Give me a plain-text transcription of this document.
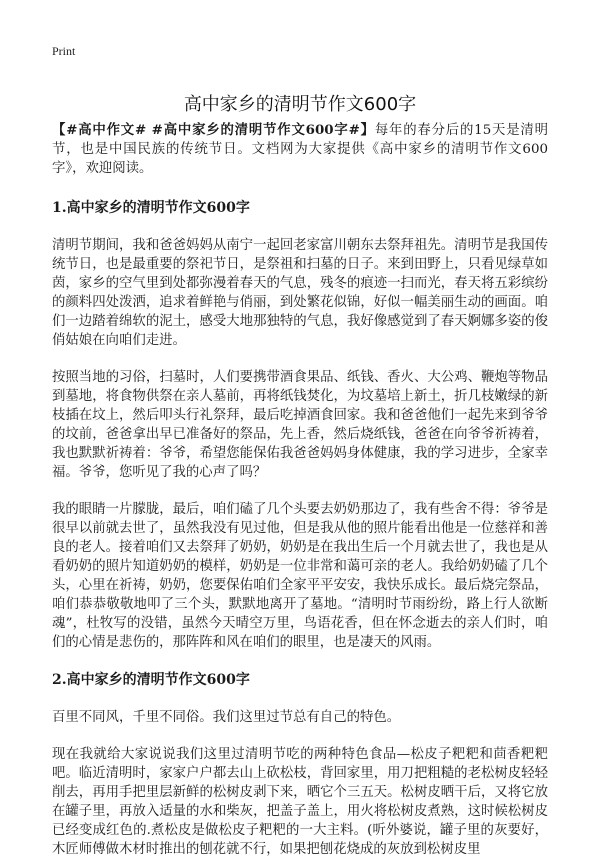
Print
高中家乡的清明节作文600字

【#高中作文# #高中家乡的清明节作文600字#】每年的春分后的15天是清明节，也是中国民族的传统节日。文档网为大家提供《高中家乡的清明节作文600字》，欢迎阅读。

1.高中家乡的清明节作文600字

清明节期间，我和爸爸妈妈从南宁一起回老家富川朝东去祭拜祖先。清明节是我国传统节日，也是最重要的祭祀节日，是祭祖和扫墓的日子。来到田野上，只看见绿草如茵，家乡的空气里到处都弥漫着春天的气息，残冬的痕迹一扫而光，春天将五彩缤纷的颜料四处泼洒，追求着鲜艳与俏丽，到处繁花似锦，好似一幅美丽生动的画面。咱们一边踏着绵软的泥土，感受大地那独特的气息，我好像感觉到了春天婀娜多姿的俊俏姑娘在向咱们走进。

按照当地的习俗，扫墓时，人们要携带酒食果品、纸钱、香火、大公鸡、鞭炮等物品到墓地，将食物供祭在亲人墓前，再将纸钱焚化，为坟墓培上新土，折几枝嫩绿的新枝插在坟上，然后叩头行礼祭拜，最后吃掉酒食回家。我和爸爸他们一起先来到爷爷的坟前，爸爸拿出早已准备好的祭品，先上香，然后烧纸钱，爸爸在向爷爷祈祷着，我也默默祈祷着：爷爷，希望您能保佑我爸爸妈妈身体健康，我的学习进步，全家幸福。爷爷，您听见了我的心声了吗？

我的眼睛一片朦胧，最后，咱们磕了几个头要去奶奶那边了，我有些舍不得：爷爷是很早以前就去世了，虽然我没有见过他，但是我从他的照片能看出他是一位慈祥和善良的老人。接着咱们又去祭拜了奶奶，奶奶是在我出生后一个月就去世了，我也是从看奶奶的照片知道奶奶的模样，奶奶是一位非常和蔼可亲的老人。我给奶奶磕了几个头，心里在祈祷，奶奶，您要保佑咱们全家平平安安，我快乐成长。最后烧完祭品，咱们恭恭敬敬地叩了三个头，默默地离开了墓地。“清明时节雨纷纷，路上行人欲断魂”，杜牧写的没错，虽然今天晴空万里，鸟语花香，但在怀念逝去的亲人们时，咱们的心情是悲伤的，那阵阵和风在咱们的眼里，也是凄天的风雨。

2.高中家乡的清明节作文600字

百里不同风，千里不同俗。我们这里过节总有自己的特色。

现在我就给大家说说我们这里过清明节吃的两种特色食品—松皮子粑粑和茴香粑粑吧。临近清明时，家家户户都去山上砍松枝，背回家里，用刀把粗糙的老松树皮轻轻削去，再用手把里层新鲜的松树皮剥下来，晒它个三五天。松树皮晒干后，又将它放在罐子里，再放入适量的水和柴灰，把盖子盖上，用火将松树皮煮熟，这时候松树皮已经变成红色的.煮松皮是做松皮子粑粑的一大主料。(听外婆说，罐子里的灰要好，木匠师傅做木材时推出的刨花就不行，如果把刨花烧成的灰放到松树皮里
